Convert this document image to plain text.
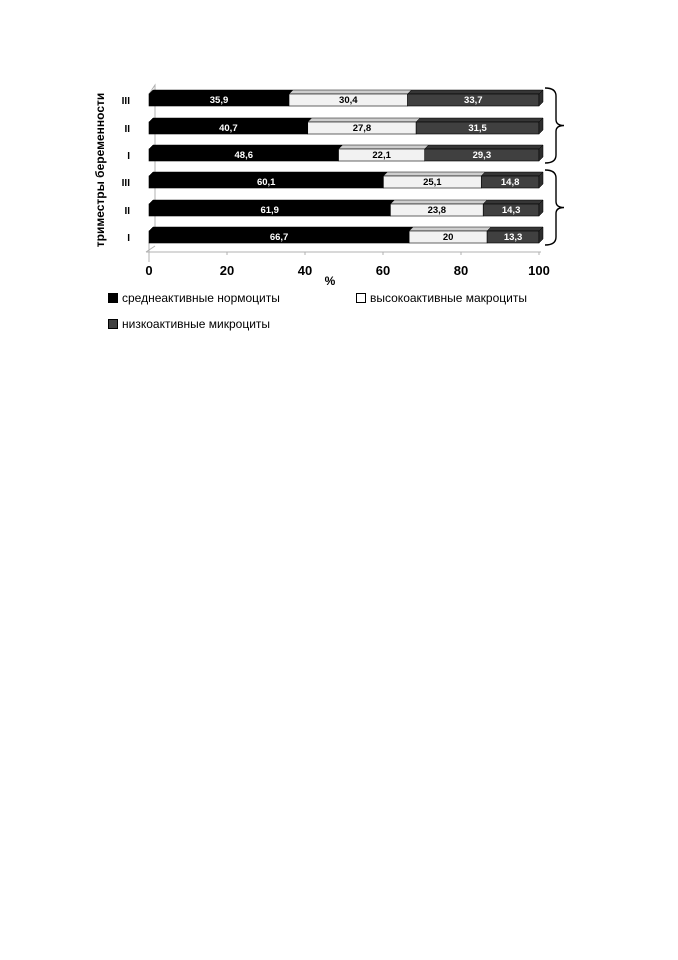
триместры беременности
%
0	20	40	60	80	100
III
II
I
III
II
I
35,9	30,4	33,7
40,7	27,8	31,5
48,6	22,1	29,3
60,1	25,1	14,8
61,9	23,8	14,3
66,7	20	13,3
среднеактивные нормоциты	высокоактивные макроциты
низкоактивные микроциты
